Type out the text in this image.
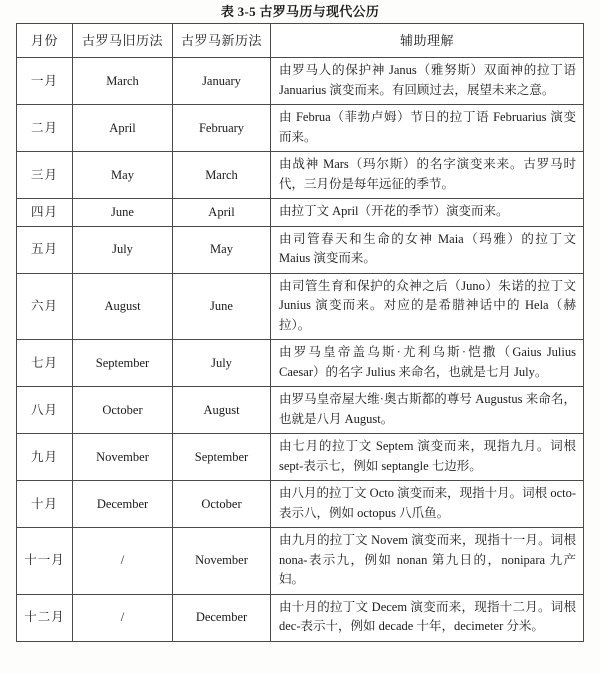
表 3-5 古罗马历与现代公历
月份	古罗马旧历法	古罗马新历法	辅助理解
一月	March	January	由罗马人的保护神 Janus（雅努斯）双面神的拉丁语 Januarius 演变而来。有回顾过去，展望未来之意。
二月	April	February	由 Februa（菲勃卢姆）节日的拉丁语 Februarius 演变而来。
三月	May	March	由战神 Mars（玛尔斯）的名字演变来来。古罗马时代，三月份是每年远征的季节。
四月	June	April	由拉丁文 April（开花的季节）演变而来。
五月	July	May	由司管春天和生命的女神 Maia（玛雅）的拉丁文 Maius 演变而来。
六月	August	June	由司管生育和保护的众神之后（Juno）朱诺的拉丁文 Junius 演变而来。对应的是希腊神话中的 Hela（赫拉）。
七月	September	July	由罗马皇帝盖乌斯·尤利乌斯·恺撒（Gaius Julius Caesar）的名字 Julius 来命名，也就是七月 July。
八月	October	August	由罗马皇帝屋大维·奥古斯都的尊号 Augustus 来命名，也就是八月 August。
九月	November	September	由七月的拉丁文 Septem 演变而来，现指九月。词根 sept-表示七，例如 septangle 七边形。
十月	December	October	由八月的拉丁文 Octo 演变而来，现指十月。词根 octo-表示八，例如 octopus 八爪鱼。
十一月	/	November	由九月的拉丁文 Novem 演变而来，现指十一月。词根 nona-表示九，例如 nonan 第九日的，nonipara 九产妇。
十二月	/	December	由十月的拉丁文 Decem 演变而来，现指十二月。词根 dec-表示十，例如 decade 十年，decimeter 分米。
